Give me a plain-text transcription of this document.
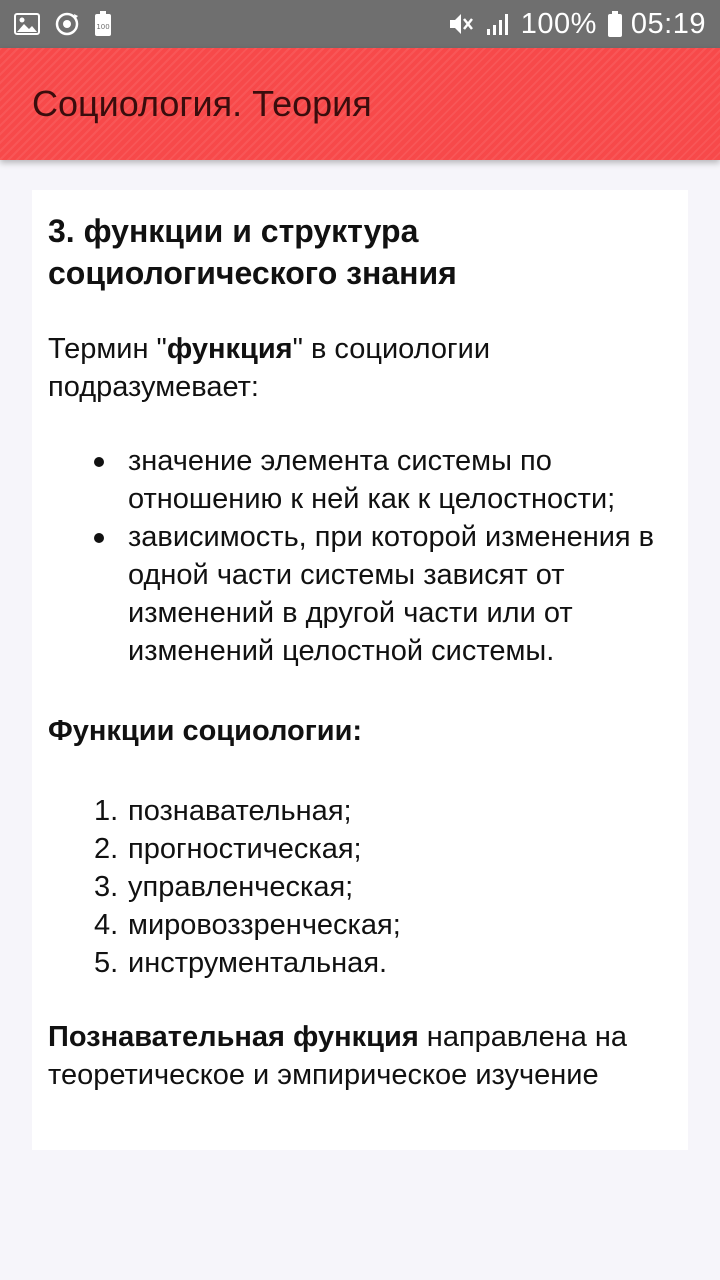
100	100% 05:19
Социология. Теория
3. функции и структура социологического знания

Термин "функция" в социологии подразумевает:

значение элемента системы по отношению к ней как к целостности;
зависимость, при которой изменения в одной части системы зависят от изменений в другой части или от изменений целостной системы.
Функции социологии:
1. познавательная;
2. прогностическая;
3. управленческая;
4. мировоззренческая;
5. инструментальная.

Познавательная функция направлена на теоретическое и эмпирическое изучение
